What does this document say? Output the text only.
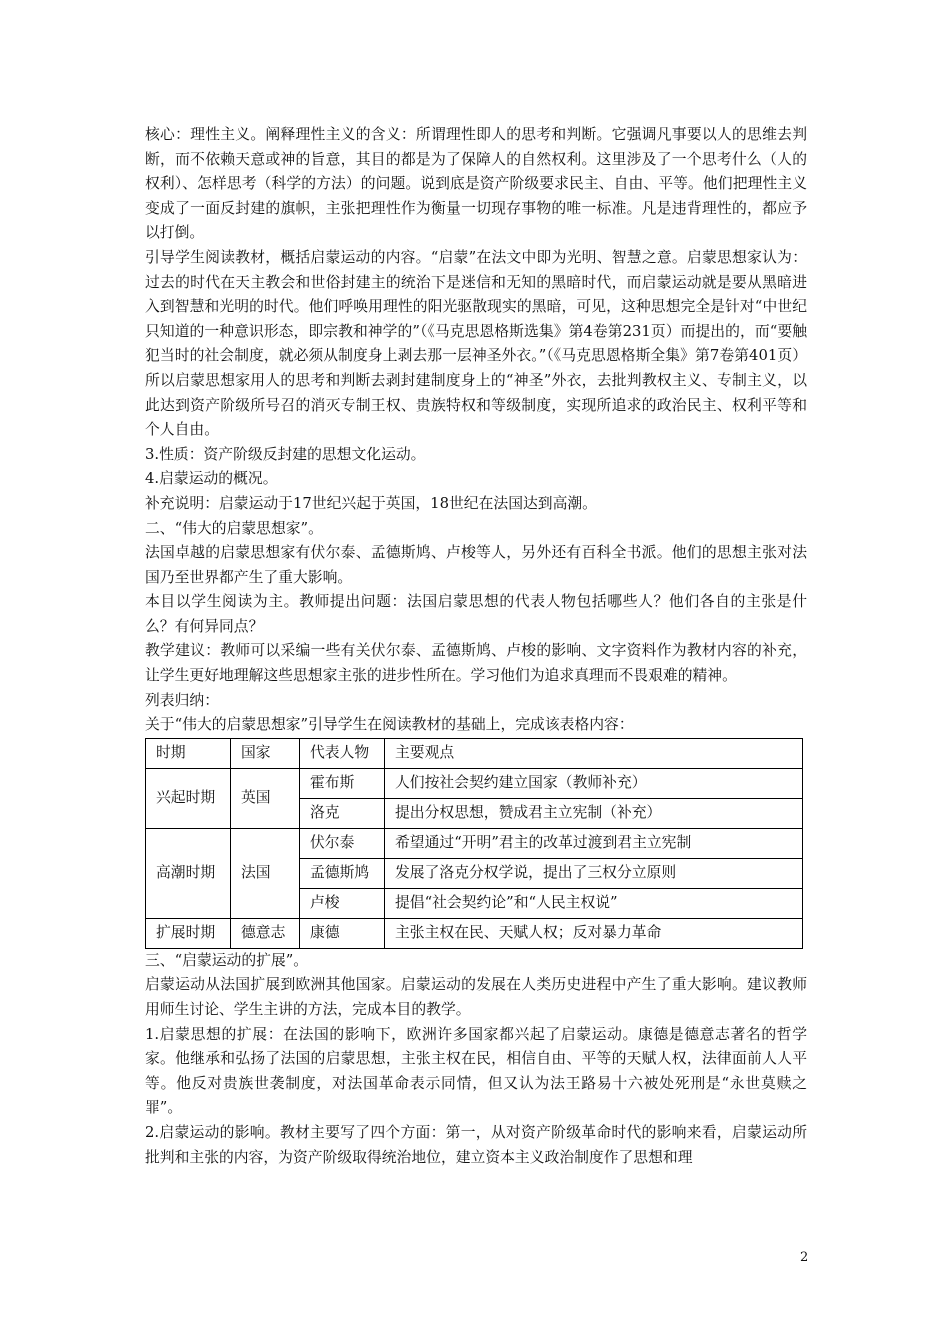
核心：理性主义。阐释理性主义的含义：所谓理性即人的思考和判断。它强调凡事要以人的思维去判断，而不依赖天意或神的旨意，其目的都是为了保障人的自然权利。这里涉及了一个思考什么（人的权利）、怎样思考（科学的方法）的问题。说到底是资产阶级要求民主、自由、平等。他们把理性主义变成了一面反封建的旗帜，主张把理性作为衡量一切现存事物的唯一标准。凡是违背理性的，都应予以打倒。

引导学生阅读教材，概括启蒙运动的内容。“启蒙”在法文中即为光明、智慧之意。启蒙思想家认为：过去的时代在天主教会和世俗封建主的统治下是迷信和无知的黑暗时代，而启蒙运动就是要从黑暗进入到智慧和光明的时代。他们呼唤用理性的阳光驱散现实的黑暗，可见，这种思想完全是针对“中世纪只知道的一种意识形态，即宗教和神学的”（《马克思恩格斯选集》第4卷第231页）而提出的，而“要触犯当时的社会制度，就必须从制度身上剥去那一层神圣外衣。”（《马克思恩格斯全集》第7卷第401页）所以启蒙思想家用人的思考和判断去剥封建制度身上的“神圣”外衣，去批判教权主义、专制主义，以此达到资产阶级所号召的消灭专制王权、贵族特权和等级制度，实现所追求的政治民主、权利平等和个人自由。

3.性质：资产阶级反封建的思想文化运动。

4.启蒙运动的概况。

补充说明：启蒙运动于17世纪兴起于英国，18世纪在法国达到高潮。

二、“伟大的启蒙思想家”。

法国卓越的启蒙思想家有伏尔泰、孟德斯鸠、卢梭等人，另外还有百科全书派。他们的思想主张对法国乃至世界都产生了重大影响。

本目以学生阅读为主。教师提出问题：法国启蒙思想的代表人物包括哪些人？他们各自的主张是什么？有何异同点？

教学建议：教师可以采编一些有关伏尔泰、孟德斯鸠、卢梭的影响、文字资料作为教材内容的补充，让学生更好地理解这些思想家主张的进步性所在。学习他们为追求真理而不畏艰难的精神。

列表归纳：

关于“伟大的启蒙思想家”引导学生在阅读教材的基础上，完成该表格内容：

时期	国家	代表人物	主要观点
兴起时期	英国	霍布斯	人们按社会契约建立国家（教师补充）
		洛克	提出分权思想，赞成君主立宪制（补充）
高潮时期	法国	伏尔泰	希望通过“开明”君主的改革过渡到君主立宪制
		孟德斯鸠	发展了洛克分权学说，提出了三权分立原则
		卢梭	提倡“社会契约论”和“人民主权说”
扩展时期	德意志	康德	主张主权在民、天赋人权；反对暴力革命

三、“启蒙运动的扩展”。

启蒙运动从法国扩展到欧洲其他国家。启蒙运动的发展在人类历史进程中产生了重大影响。建议教师用师生讨论、学生主讲的方法，完成本目的教学。

1.启蒙思想的扩展：在法国的影响下，欧洲许多国家都兴起了启蒙运动。康德是德意志著名的哲学家。他继承和弘扬了法国的启蒙思想，主张主权在民，相信自由、平等的天赋人权，法律面前人人平等。他反对贵族世袭制度，对法国革命表示同情，但又认为法王路易十六被处死刑是“永世莫赎之罪”。

2.启蒙运动的影响。教材主要写了四个方面：第一，从对资产阶级革命时代的影响来看，启蒙运动所批判和主张的内容，为资产阶级取得统治地位，建立资本主义政治制度作了思想和理

2
